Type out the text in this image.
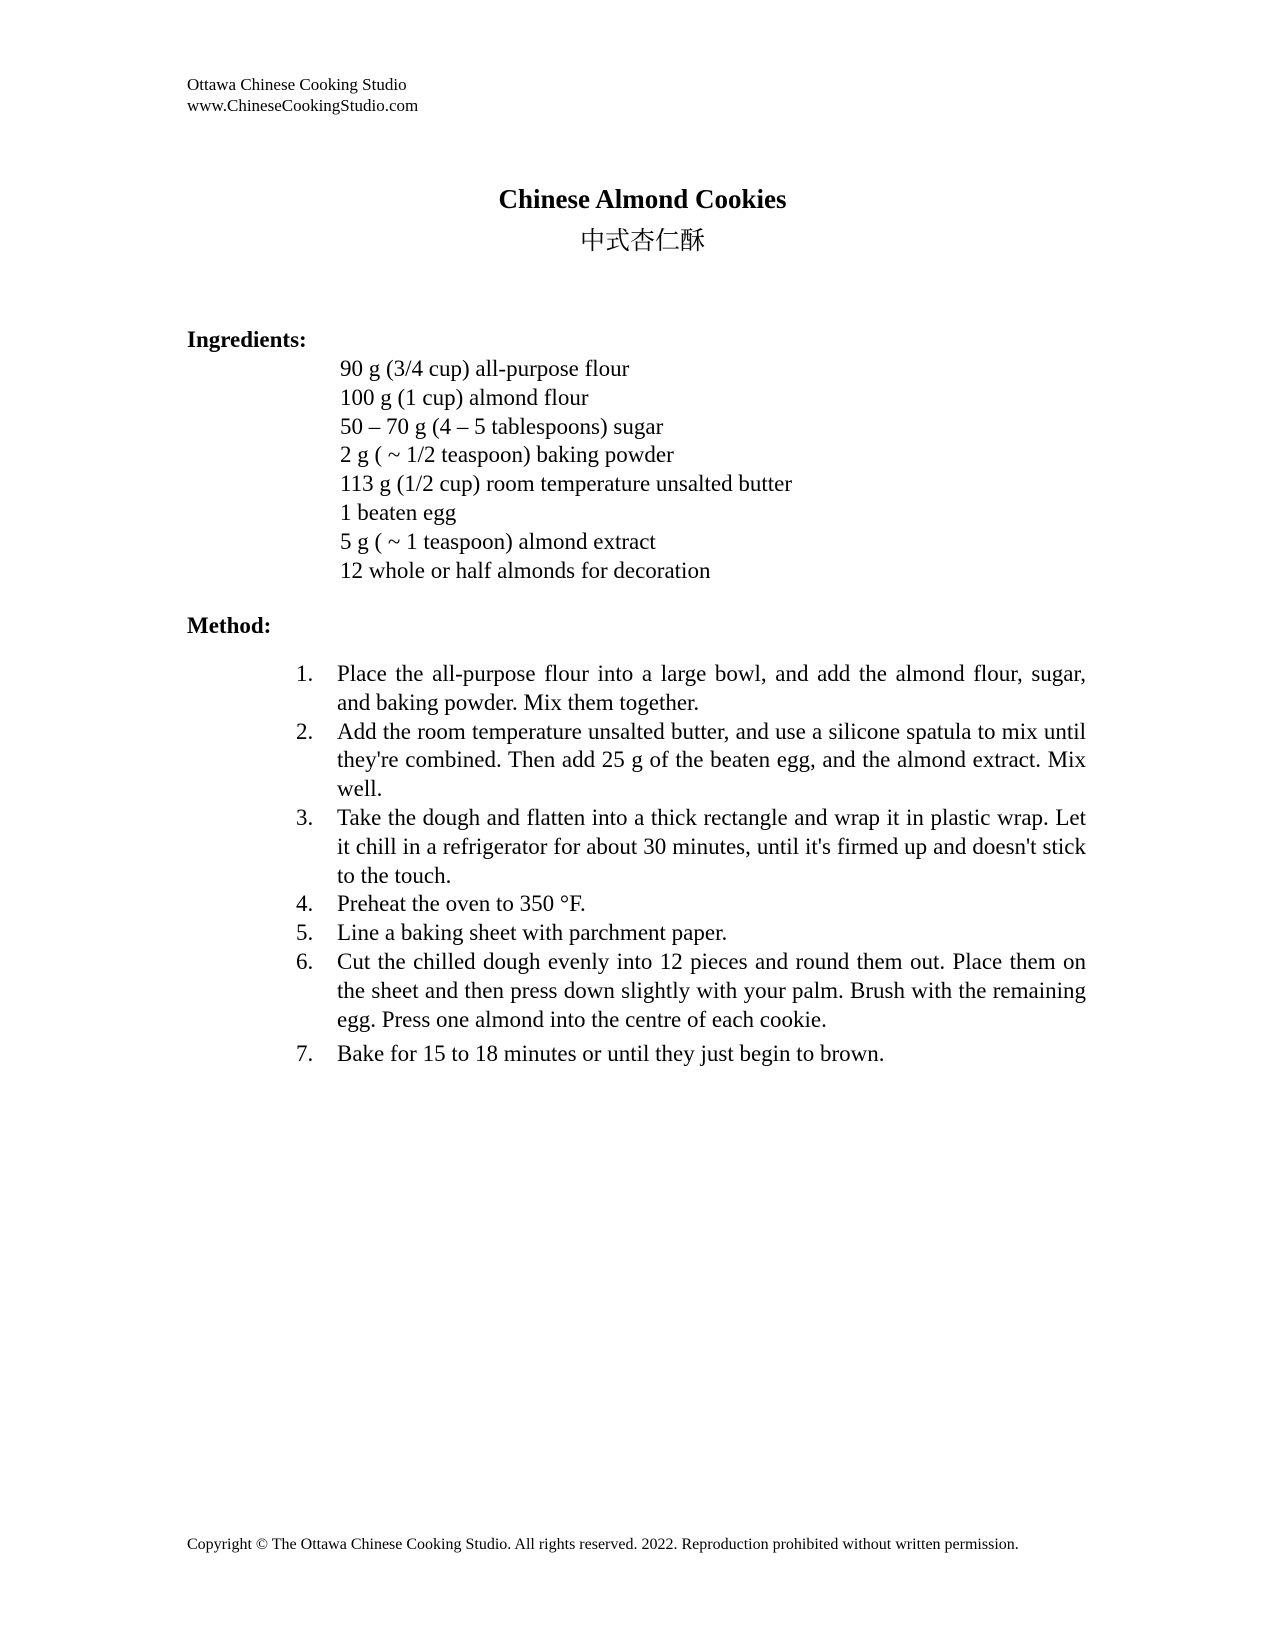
Ottawa Chinese Cooking Studio
www.ChineseCookingStudio.com
Chinese Almond Cookies
中式杏仁酥
Ingredients:
90 g (3/4 cup) all-purpose flour
100 g (1 cup) almond flour
50 – 70 g (4 – 5 tablespoons) sugar
2 g ( ~ 1/2 teaspoon) baking powder
113 g (1/2 cup) room temperature unsalted butter
1 beaten egg
5 g ( ~ 1 teaspoon) almond extract
12 whole or half almonds for decoration
Method:
1.	Place the all-purpose flour into a large bowl, and add the almond flour, sugar, and baking powder. Mix them together.
2.	Add the room temperature unsalted butter, and use a silicone spatula to mix until they're combined. Then add 25 g of the beaten egg, and the almond extract. Mix well.
3.	Take the dough and flatten into a thick rectangle and wrap it in plastic wrap. Let it chill in a refrigerator for about 30 minutes, until it's firmed up and doesn't stick to the touch.
4.	Preheat the oven to 350 °F.
5.	Line a baking sheet with parchment paper.
6.	Cut the chilled dough evenly into 12 pieces and round them out. Place them on the sheet and then press down slightly with your palm. Brush with the remaining egg. Press one almond into the centre of each cookie.
7.	Bake for 15 to 18 minutes or until they just begin to brown.
Copyright © The Ottawa Chinese Cooking Studio. All rights reserved. 2022. Reproduction prohibited without written permission.
